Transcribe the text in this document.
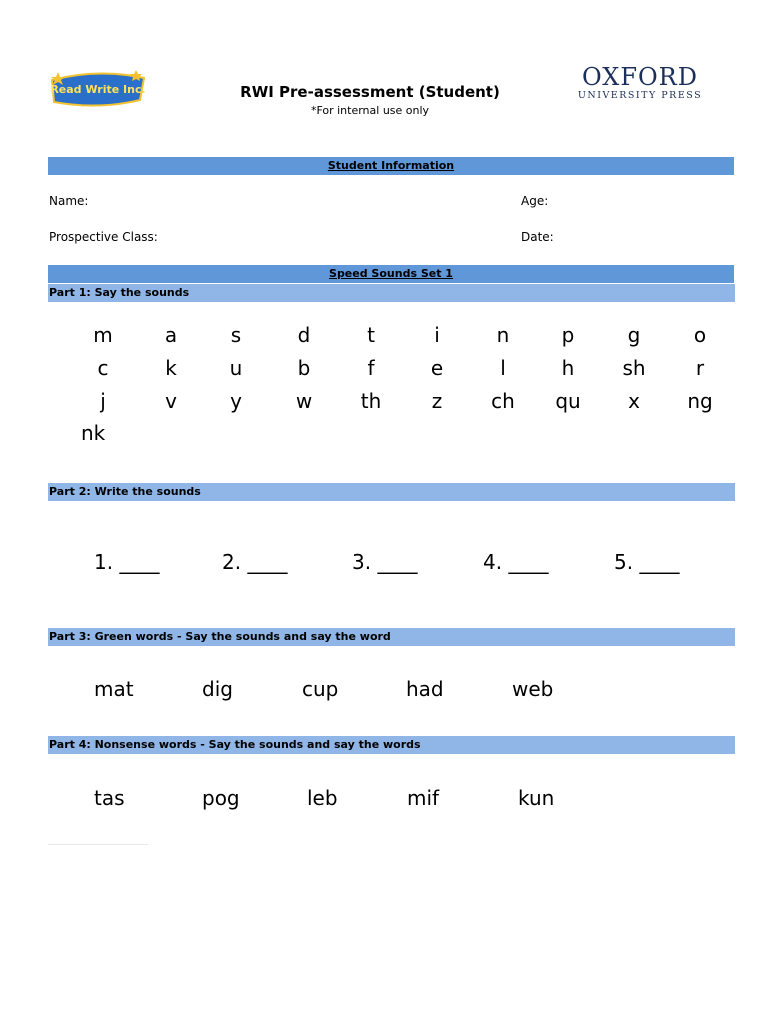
Read Write Inc.	RWI Pre-assessment (Student)
*For internal use only
OXFORD
UNIVERSITY PRESS
Student Information
Name:	Age:
Prospective Class:	Date:
Speed Sounds Set 1
Part 1: Say the sounds
m	a	s	d	t	i	n	p	g	o
c	k	u	b	f	e	l	h	sh	r
j	v	y	w	th	z	ch	qu	x	ng
nk
Part 2: Write the sounds
1. ____	2. ____	3. ____	4. ____	5. ____
Part 3: Green words - Say the sounds and say the word
mat	dig	cup	had	web
Part 4: Nonsense words - Say the sounds and say the words
tas	pog	leb	mif	kun
